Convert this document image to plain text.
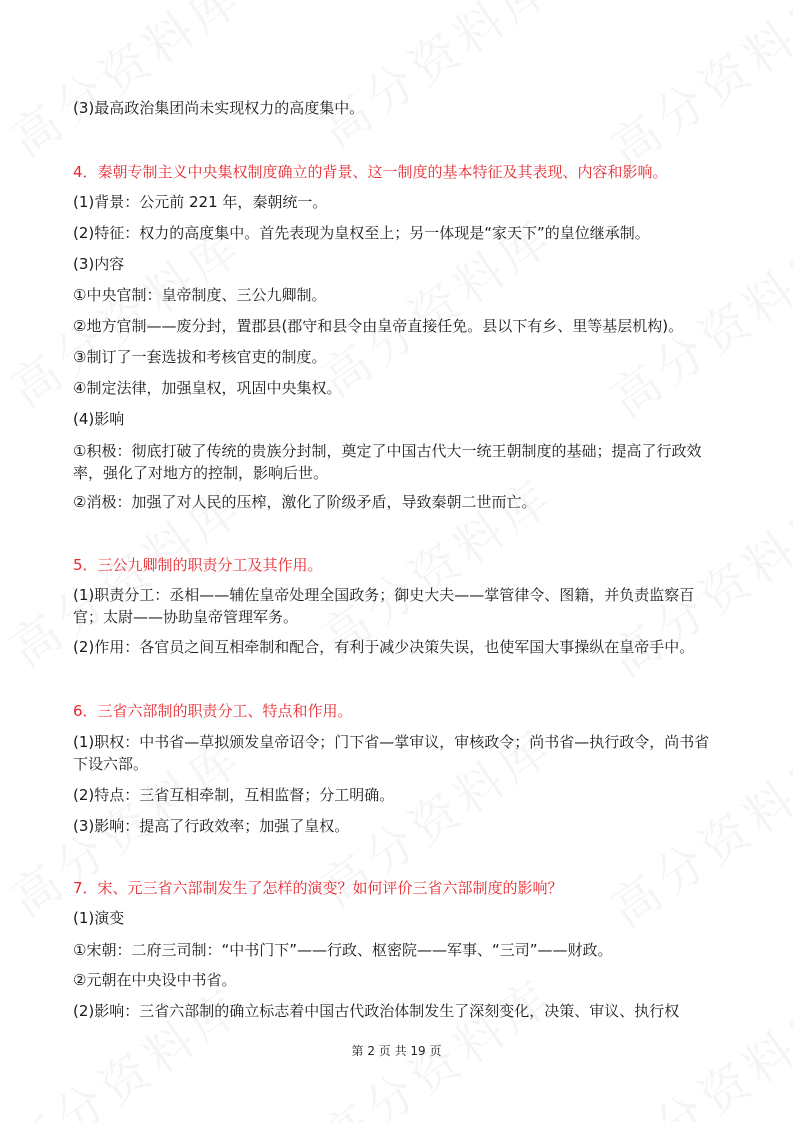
(3)最高政治集团尚未实现权力的高度集中。

4．秦朝专制主义中央集权制度确立的背景、这一制度的基本特征及其表现、内容和影响。

(1)背景：公元前 221 年，秦朝统一。

(2)特征：权力的高度集中。首先表现为皇权至上；另一体现是“家天下”的皇位继承制。

(3)内容

①中央官制：皇帝制度、三公九卿制。

②地方官制——废分封，置郡县(郡守和县令由皇帝直接任免。县以下有乡、里等基层机构)。

③制订了一套选拔和考核官吏的制度。

④制定法律，加强皇权，巩固中央集权。

(4)影响

①积极：彻底打破了传统的贵族分封制，奠定了中国古代大一统王朝制度的基础；提高了行政效率，强化了对地方的控制，影响后世。

②消极：加强了对人民的压榨，激化了阶级矛盾，导致秦朝二世而亡。

5．三公九卿制的职责分工及其作用。

(1)职责分工：丞相——辅佐皇帝处理全国政务；御史大夫——掌管律令、图籍，并负责监察百官；太尉——协助皇帝管理军务。

(2)作用：各官员之间互相牵制和配合，有利于减少决策失误，也使军国大事操纵在皇帝手中。

6．三省六部制的职责分工、特点和作用。

(1)职权：中书省—草拟颁发皇帝诏令；门下省—掌审议，审核政令；尚书省—执行政令，尚书省下设六部。

(2)特点：三省互相牵制，互相监督；分工明确。

(3)影响：提高了行政效率；加强了皇权。

7．宋、元三省六部制发生了怎样的演变？如何评价三省六部制度的影响？

(1)演变

①宋朝：二府三司制：“中书门下”——行政、枢密院——军事、“三司”——财政。

②元朝在中央设中书省。

(2)影响：三省六部制的确立标志着中国古代政治体制发生了深刻变化，决策、审议、执行权

第 2 页 共 19 页
